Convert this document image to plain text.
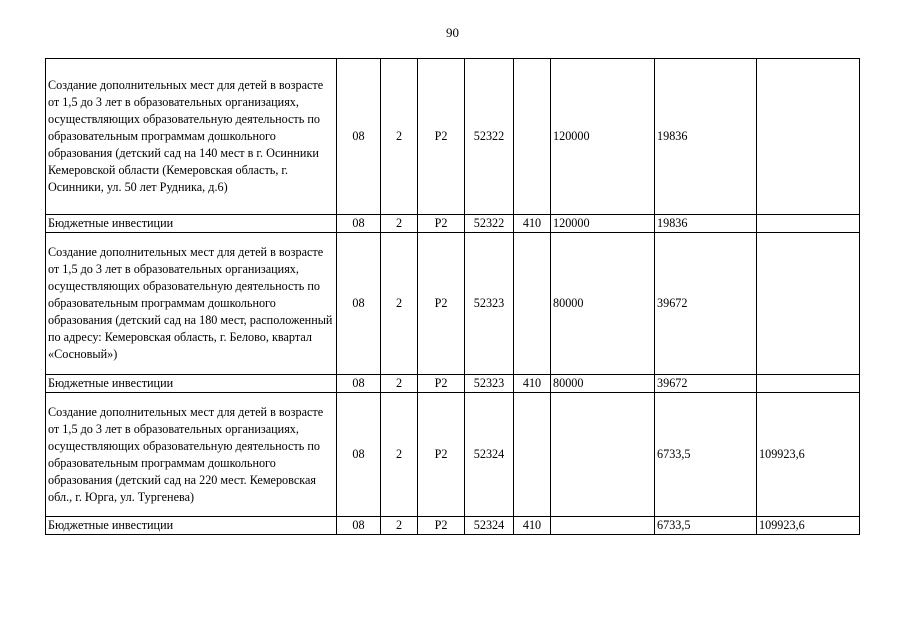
90
Создание дополнительных мест для детей в возрасте от 1,5 до 3 лет в образовательных организациях, осуществляющих образовательную деятельность по образовательным программам дошкольного образования (детский сад на 140 мест в г. Осинники Кемеровской области (Кемеровская область, г. Осинники, ул. 50 лет Рудника, д.6)	08	2	Р2	52322		120000	19836	
Бюджетные инвестиции	08	2	Р2	52322	410	120000	19836	
Создание дополнительных мест для детей в возрасте от 1,5 до 3 лет в образовательных организациях, осуществляющих образовательную деятельность по образовательным программам дошкольного образования (детский сад на 180 мест, расположенный по адресу: Кемеровская область, г. Белово, квартал «Сосновый»)	08	2	Р2	52323		80000	39672	
Бюджетные инвестиции	08	2	Р2	52323	410	80000	39672	
Создание дополнительных мест для детей в возрасте от 1,5 до 3 лет в образовательных организациях, осуществляющих образовательную деятельность по образовательным программам дошкольного образования (детский сад на 220 мест. Кемеровская обл., г. Юрга, ул. Тургенева)	08	2	Р2	52324			6733,5	109923,6
Бюджетные инвестиции	08	2	Р2	52324	410		6733,5	109923,6
